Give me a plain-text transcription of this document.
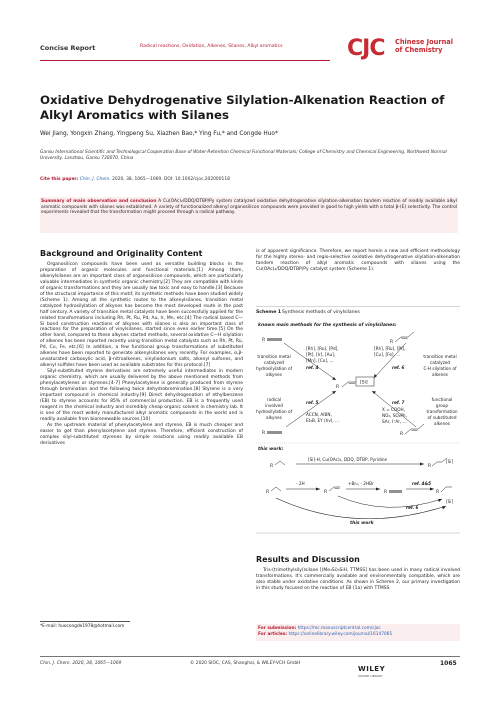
Concise Report	Radical reactions, Oxidation, Alkenes, Silanes, Alkyl aromatics	CJC Chinese Journal
of Chemistry
Oxidative Dehydrogenative Silylation-Alkenation Reaction of Alkyl Aromatics with Silanes
Wei Jiang, Yongxin Zhang, Yingpeng Su, Xiazhen Bao,* Ying Fu,* and Congde Huo*
Gansu International Scientific and Technological Cooperation Base of Water-Retention Chemical Functional Materials; College of Chemistry and Chemical Engineering, Northwest Normal University, Lanzhou, Gansu 730070, China
Cite this paper: Chin. J. Chem. 2020, 38, 1065—1069. DOI: 10.1002/cjoc.202000118
Summary of main observation and conclusion A Cu(OAc)₂/DDQ/DTBP/Py system catalyzed oxidative dehydrogenative silylation-alkenation tandem reaction of readily available alkyl aromatic compounds with silanes was established. A variety of functionalized alkenyl organosilicon compounds were provided in good to high yields with a total β-(E) selectivity. The control experiments revealed that the transformation might proceed through a radical pathway.
Background and Originality Content

Organosilicon compounds have been used as versatile building blocks in the preparation of organic molecules and functional materials.[1] Among them, alkenylsilanes are an important class of organosilicon compounds, which are particularly valuable intermediates in synthetic organic chemistry.[2] They are compatible with kinds of organic transformations and they are usually low toxic and easy to handle.[3] Because of the structural importance of this motif, its synthetic methods have been studied widely (Scheme 1). Among all the synthetic routes to the alkenylsilanes, transition metal catalyzed hydrosilylation of alkynes has become the most developed route in the past half century. A variety of transition metal catalysts have been successfully applied for the related transformations including Rh, Pt, Ru, Pd, Au, Ir, Mn, etc.[4] The radical based C—Si bond construction reactions of alkynes with silanes is also an important class of reactions for the preparation of vinylsilanes, started since even earlier time.[5] On the other hand, compared to these alkynes started methods, several oxidative C—H silylation of alkenes has been reported recently using transition metal catalysts such as Rh, Pt, Ru, Pd, Cu, Fe, etc.[6] In addition, a few functional group transformations of substituted alkenes have been reported to generate alkenylsilanes very recently. For examples, α,β-unsaturated carboxylic acid, β-nitroalkenes, vinyliodonium salts, alkenyl sulfones, and alkenyl sulfides have been used as available substrates for this protocol.[7]

Silyl-substituted styrene derivatives are extremely useful intermediates in modern organic chemistry, which are usually delivered by the above mentioned methods from phenylacetylenes or styrenes.[4-7] Phenylacetylene is generally produced from styrene through bromination and the following twice dehydrobromination.[8] Styrene is a very important compound in chemical industry.[9] Direct dehydrogenation of ethylbenzene (EB) to styrene accounts for 85% of commercial production. EB is a frequently used reagent in the chemical industry and incredibly cheap organic solvent in chemistry lab. It is one of the most widely manufactured alkyl aromatic compounds in the world and is readily available from biorenewable sources.[10]

As the upstream material of phenylacetylene and styrene, EB is much cheaper and easier to get than phenylacetylene and styrene. Therefore, efficient construction of complex silyl-substituted styrenes by simple reactions using readily available EB derivatives

is of apparent significance. Therefore, we report herein a new and efficient methodology for the highly stereo- and regio-selective oxidative dehydrogenative silylation-alkenation tandem reaction of alkyl aromatic compounds with silanes using the Cu(OAc)₂/DDQ/DTBP/Py catalyst system (Scheme 1).

Scheme 1 Synthesis methods of vinylsilanes
known main methods for the synthesis of vinylsilanes:
R	R
[Rh], [Ru], [Pd],
[Pt], [Ir], [Au],
[Mn], [Co], ...
[Rh], [Ru], [Pt],
[Cu], [Fe], ...
transition metal
catalyzed
hydrosilylation of
alkynes
transition metal
catalyzed
C-H silylation of
alkenes
radical
involved
hydrosilylation of
alkynes
functional
group
transformation
of substituted
alkenes
R
[Si]
ref. 4
ref. 5
ref. 6
ref. 7
ACCN, AIBN,
Et₃B, EY (hv), ...
X = COOH,
NO₂, SO₂Ph,
SAr, I⁺Ar, ...
R	R
this work:
R
[Si]-H, Cu(OAc)₂, DDQ, DTBP, Pyridine
R
[Si]
R
- 2H
R
+Br₂, - 2HBr
R
ref. 4&5
R
[Si]
ref. 6
this work
Results and Discussion

Tris-(trimethylsilyl)silane [(Me₃Si)₃SiH, TTMSS] has been used in many radical involved transformations. It's commercially available and environmentally compatible, which are also stable under oxidative conditions. As shown in Scheme 2, our primary investigation in this study focused on the reaction of EB (1a) with TTMSS

*E-mail: huocongde1978@hotmail.com	For submission: https://mc.manuscriptcentral.com/cjoc
For articles: https://onlinelibrary.wiley.com/journal/16147065
Chin. J. Chem. 2020, 38, 1065—1069	© 2020 SIOC, CAS, Shanghai, & WILEY-VCH GmbH
WILEY
ONLINE LIBRARY
1065
